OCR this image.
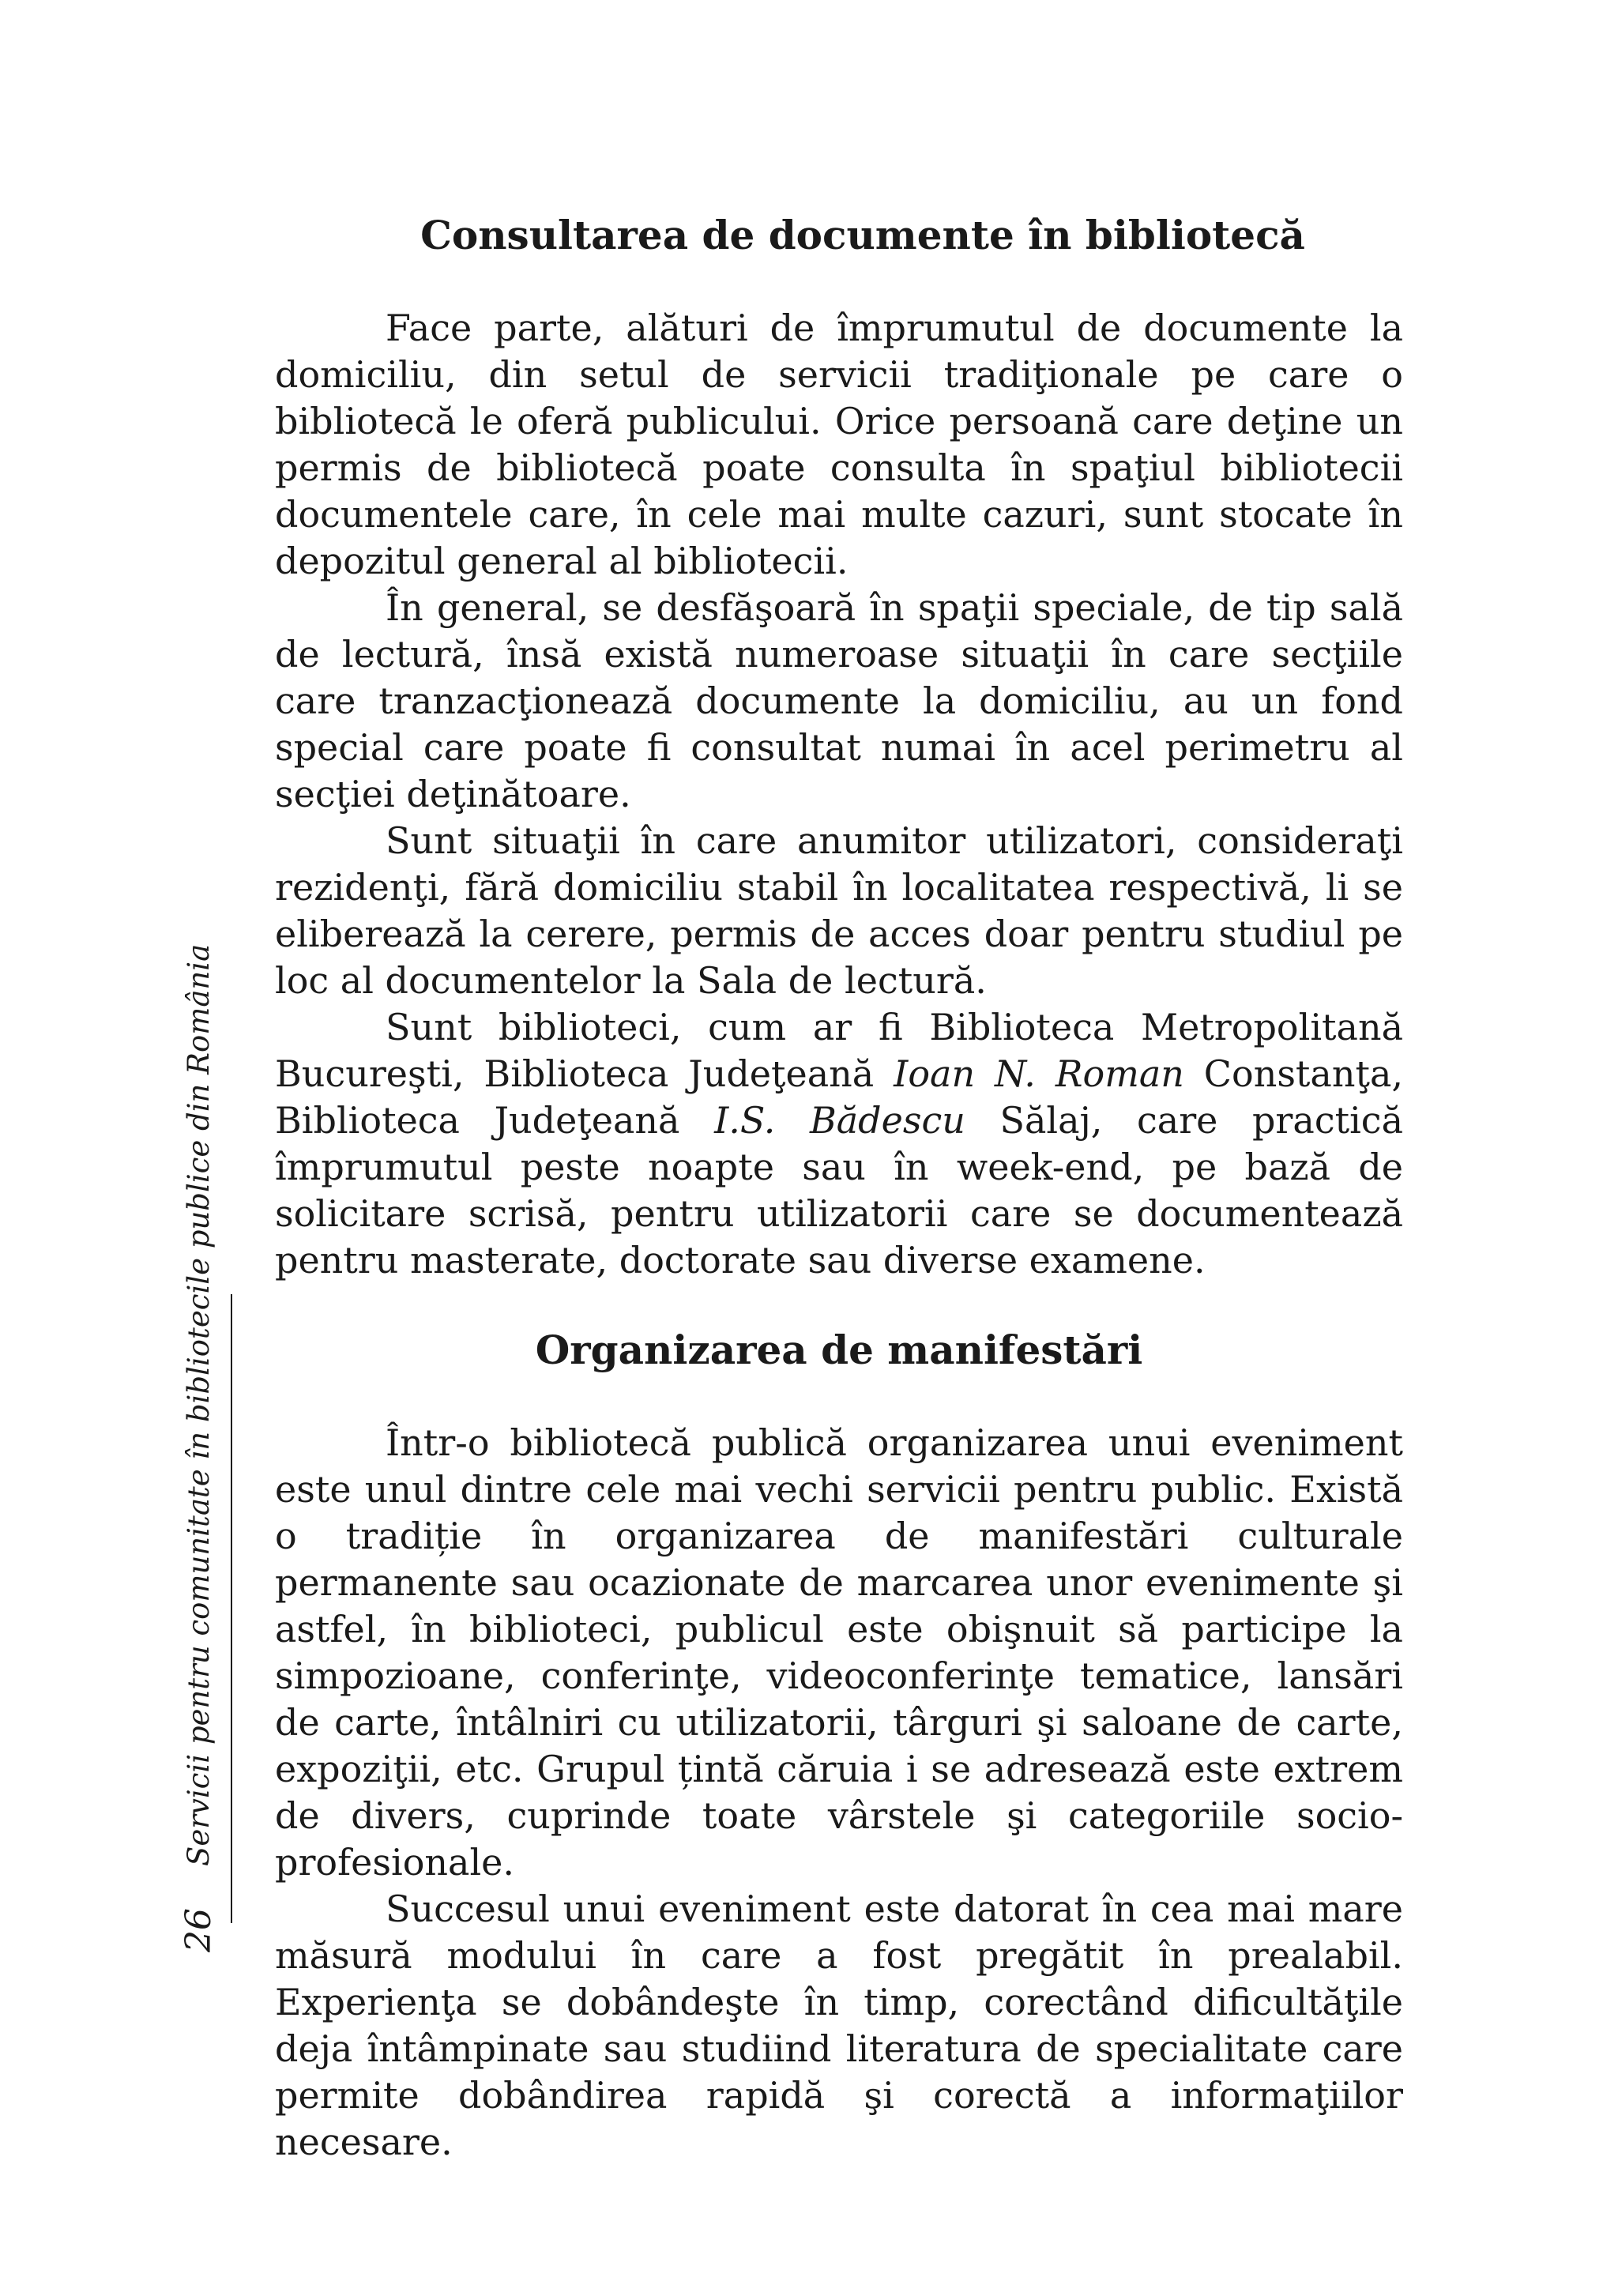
Servicii pentru comunitate în bibliotecile publice din România
26
Consultarea de documente în bibliotecă

Face parte, alături de împrumutul de documente la domiciliu, din setul de servicii tradiţionale pe care o bibliotecă le oferă publicului. Orice persoană care deţine un permis de bibliotecă poate consulta în spaţiul bibliotecii documentele care, în cele mai multe cazuri, sunt stocate în depozitul general al bibliotecii.

În general, se desfăşoară în spaţii speciale, de tip sală de lectură, însă există numeroase situaţii în care secţiile care tranzacţionează documente la domiciliu, au un fond special care poate fi consultat numai în acel perimetru al secţiei deţinătoare.

Sunt situaţii în care anumitor utilizatori, consideraţi rezidenţi, fără domiciliu stabil în localitatea respectivă, li se eliberează la cerere, permis de acces doar pentru studiul pe loc al documentelor la Sala de lectură.

Sunt biblioteci, cum ar fi Biblioteca Metropolitană Bucureşti, Biblioteca Judeţeană Ioan N. Roman Constanţa, Biblioteca Judeţeană I.S. Bădescu Sălaj, care practică împrumutul peste noapte sau în week-end, pe bază de solicitare scrisă, pentru utilizatorii care se documentează pentru masterate, doctorate sau diverse examene.

Organizarea de manifestări

Într-o bibliotecă publică organizarea unui eveniment este unul dintre cele mai vechi servicii pentru public. Există o tradiție în organizarea de manifestări culturale permanente sau ocazionate de marcarea unor evenimente şi astfel, în biblioteci, publicul este obişnuit să participe la simpozioane, conferinţe, videoconferinţe tematice, lansări de carte, întâlniri cu utilizatorii, târguri şi saloane de carte, expoziţii, etc. Grupul țintă căruia i se adresează este extrem de divers, cuprinde toate vârstele şi categoriile socio-profesionale.

Succesul unui eveniment este datorat în cea mai mare măsură modului în care a fost pregătit în prealabil. Experienţa se dobândeşte în timp, corectând dificultăţile deja întâmpinate sau studiind literatura de specialitate care permite dobândirea rapidă şi corectă a informaţiilor necesare.
